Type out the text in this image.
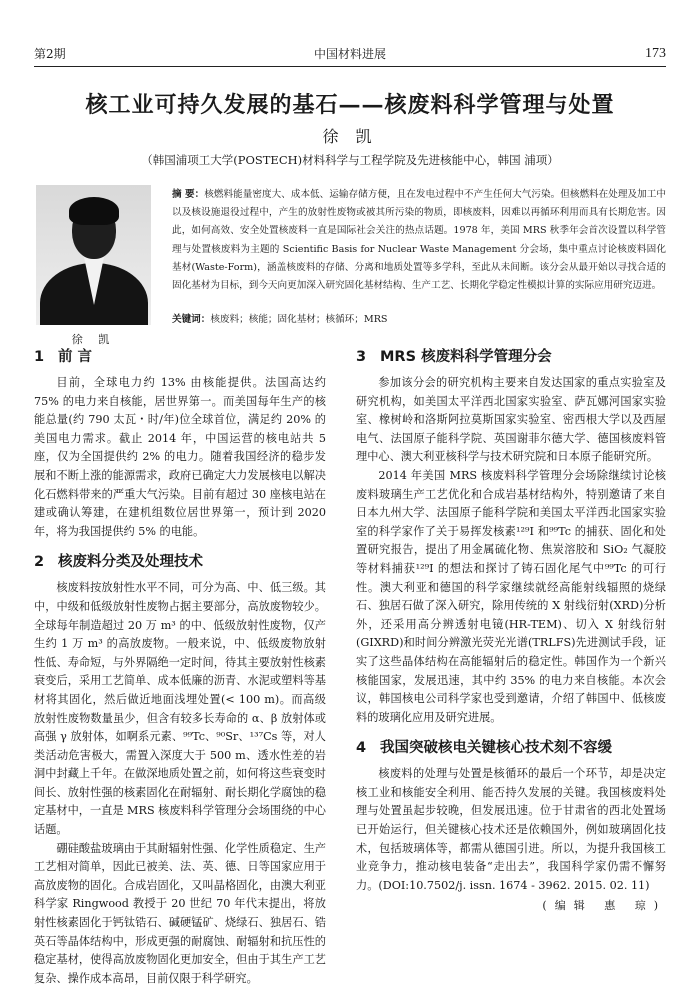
第2期	中国材料进展	173
核工业可持久发展的基石——核废料科学管理与处置
徐 凯
（韩国浦项工大学(POSTECH)材料科学与工程学院及先进核能中心，韩国 浦项）
徐 凯
摘 要：核燃料能量密度大、成本低、运输存储方便，且在发电过程中不产生任何大气污染。但核燃料在处理及加工中以及核设施退役过程中，产生的放射性废物或被其所污染的物质，即核废料，因难以再循环利用而具有长期危害。因此，如何高效、安全处置核废料一直是国际社会关注的热点话题。1978 年，美国 MRS 秋季年会首次设置以科学管理与处置核废料为主题的 Scientific Basis for Nuclear Waste Management 分会场，集中重点讨论核废料固化基材(Waste-Form)，涵盖核废料的存储、分离和地质处置等多学科，至此从未间断。该分会从最开始以寻找合适的固化基材为目标，到今天向更加深入研究固化基材结构、生产工艺、长期化学稳定性模拟计算的实际应用研究迈进。
关键词：核废料；核能；固化基材；核循环；MRS
1 前 言

目前，全球电力约 13% 由核能提供。法国高达约 75% 的电力来自核能，居世界第一。而美国每年生产的核能总量(约 790 太瓦・时/年)位全球首位，满足约 20% 的美国电力需求。截止 2014 年，中国运营的核电站共 5 座，仅为全国提供约 2% 的电力。随着我国经济的稳步发展和不断上涨的能源需求，政府已确定大力发展核电以解决化石燃料带来的严重大气污染。目前有超过 30 座核电站在建或确认筹建，在建机组数位居世界第一，预计到 2020 年，将为我国提供约 5% 的电能。

2 核废料分类及处理技术

核废料按放射性水平不同，可分为高、中、低三级。其中，中级和低级放射性废物占据主要部分，高放废物较少。全球每年制造超过 20 万 m³ 的中、低级放射性废物，仅产生约 1 万 m³ 的高放废物。一般来说，中、低级废物放射性低、寿命短，与外界隔绝一定时间，待其主要放射性核素衰变后，采用工艺简单、成本低廉的沥青、水泥或塑料等基材将其固化，然后做近地面浅埋处置(< 100 m)。而高级放射性废物数量虽少，但含有较多长寿命的 α、β 放射体或高强 γ 放射体，如啊系元素、⁹⁹Tc、⁹⁰Sr、¹³⁷Cs 等，对人类活动危害极大，需置入深度大于 500 m、透水性差的岩洞中封藏上千年。在做深地质处置之前，如何将这些衰变时间长、放射性强的核素固化在耐辐射、耐长期化学腐蚀的稳定基材中，一直是 MRS 核废料科学管理分会场围绕的中心话题。

硼硅酸盐玻璃由于其耐辐射性强、化学性质稳定、生产工艺相对简单，因此已被美、法、英、德、日等国家应用于高放废物的固化。合成岩固化，又叫晶格固化，由澳大利亚科学家 Ringwood 教授于 20 世纪 70 年代末提出，将放射性核素固化于钙钛锆石、碱硬锰矿、烧绿石、独居石、锆英石等晶体结构中，形成更强的耐腐蚀、耐辐射和抗压性的稳定基材，使得高放废物固化更加安全，但由于其生产工艺复杂、操作成本高昂，目前仅限于科学研究。

3 MRS 核废料科学管理分会

参加该分会的研究机构主要来自发达国家的重点实验室及研究机构，如美国太平洋西北国家实验室、萨瓦娜河国家实验室、橡树岭和洛斯阿拉莫斯国家实验室、密西根大学以及西屋电气、法国原子能科学院、英国谢菲尔德大学、德国核废料管理中心、澳大利亚核科学与技术研究院和日本原子能研究所。

2014 年美国 MRS 核废料科学管理分会场除继续讨论核废料玻璃生产工艺优化和合成岩基材结构外，特别邀请了来自日本九州大学、法国原子能科学院和美国太平洋西北国家实验室的科学家作了关于易挥发核素¹²⁹I 和⁹⁹Tc 的捕获、固化和处置研究报告，提出了用金属硫化物、焦炭溶胶和 SiO₂ 气凝胶等材料捕获¹²⁹I 的想法和探讨了铸石固化尾气中⁹⁹Tc 的可行性。澳大利亚和德国的科学家继续就经高能射线辐照的烧绿石、独居石做了深入研究，除用传统的 X 射线衍射(XRD)分析外，还采用高分辨透射电镜(HR-TEM)、切入 X 射线衍射(GIXRD)和时间分辨激光荧光光谱(TRLFS)先进测试手段，证实了这些晶体结构在高能辐射后的稳定性。韩国作为一个新兴核能国家，发展迅速，其中约 35% 的电力来自核能。本次会议，韩国核电公司科学家也受到邀请，介绍了韩国中、低核废料的玻璃化应用及研究进展。

4 我国突破核电关键核心技术刻不容缓

核废料的处理与处置是核循环的最后一个环节，却是决定核工业和核能安全利用、能否持久发展的关键。我国核废料处理与处置虽起步较晚，但发展迅速。位于甘肃省的西北处置场已开始运行，但关键核心技术还是依赖国外，例如玻璃固化技术，包括玻璃体等，都需从德国引进。所以，为提升我国核工业竞争力，推动核电装备“走出去”，我国科学家仍需不懈努力。(DOI:10.7502/j. issn. 1674 - 3962. 2015. 02. 11)

(编辑 惠 琼)
